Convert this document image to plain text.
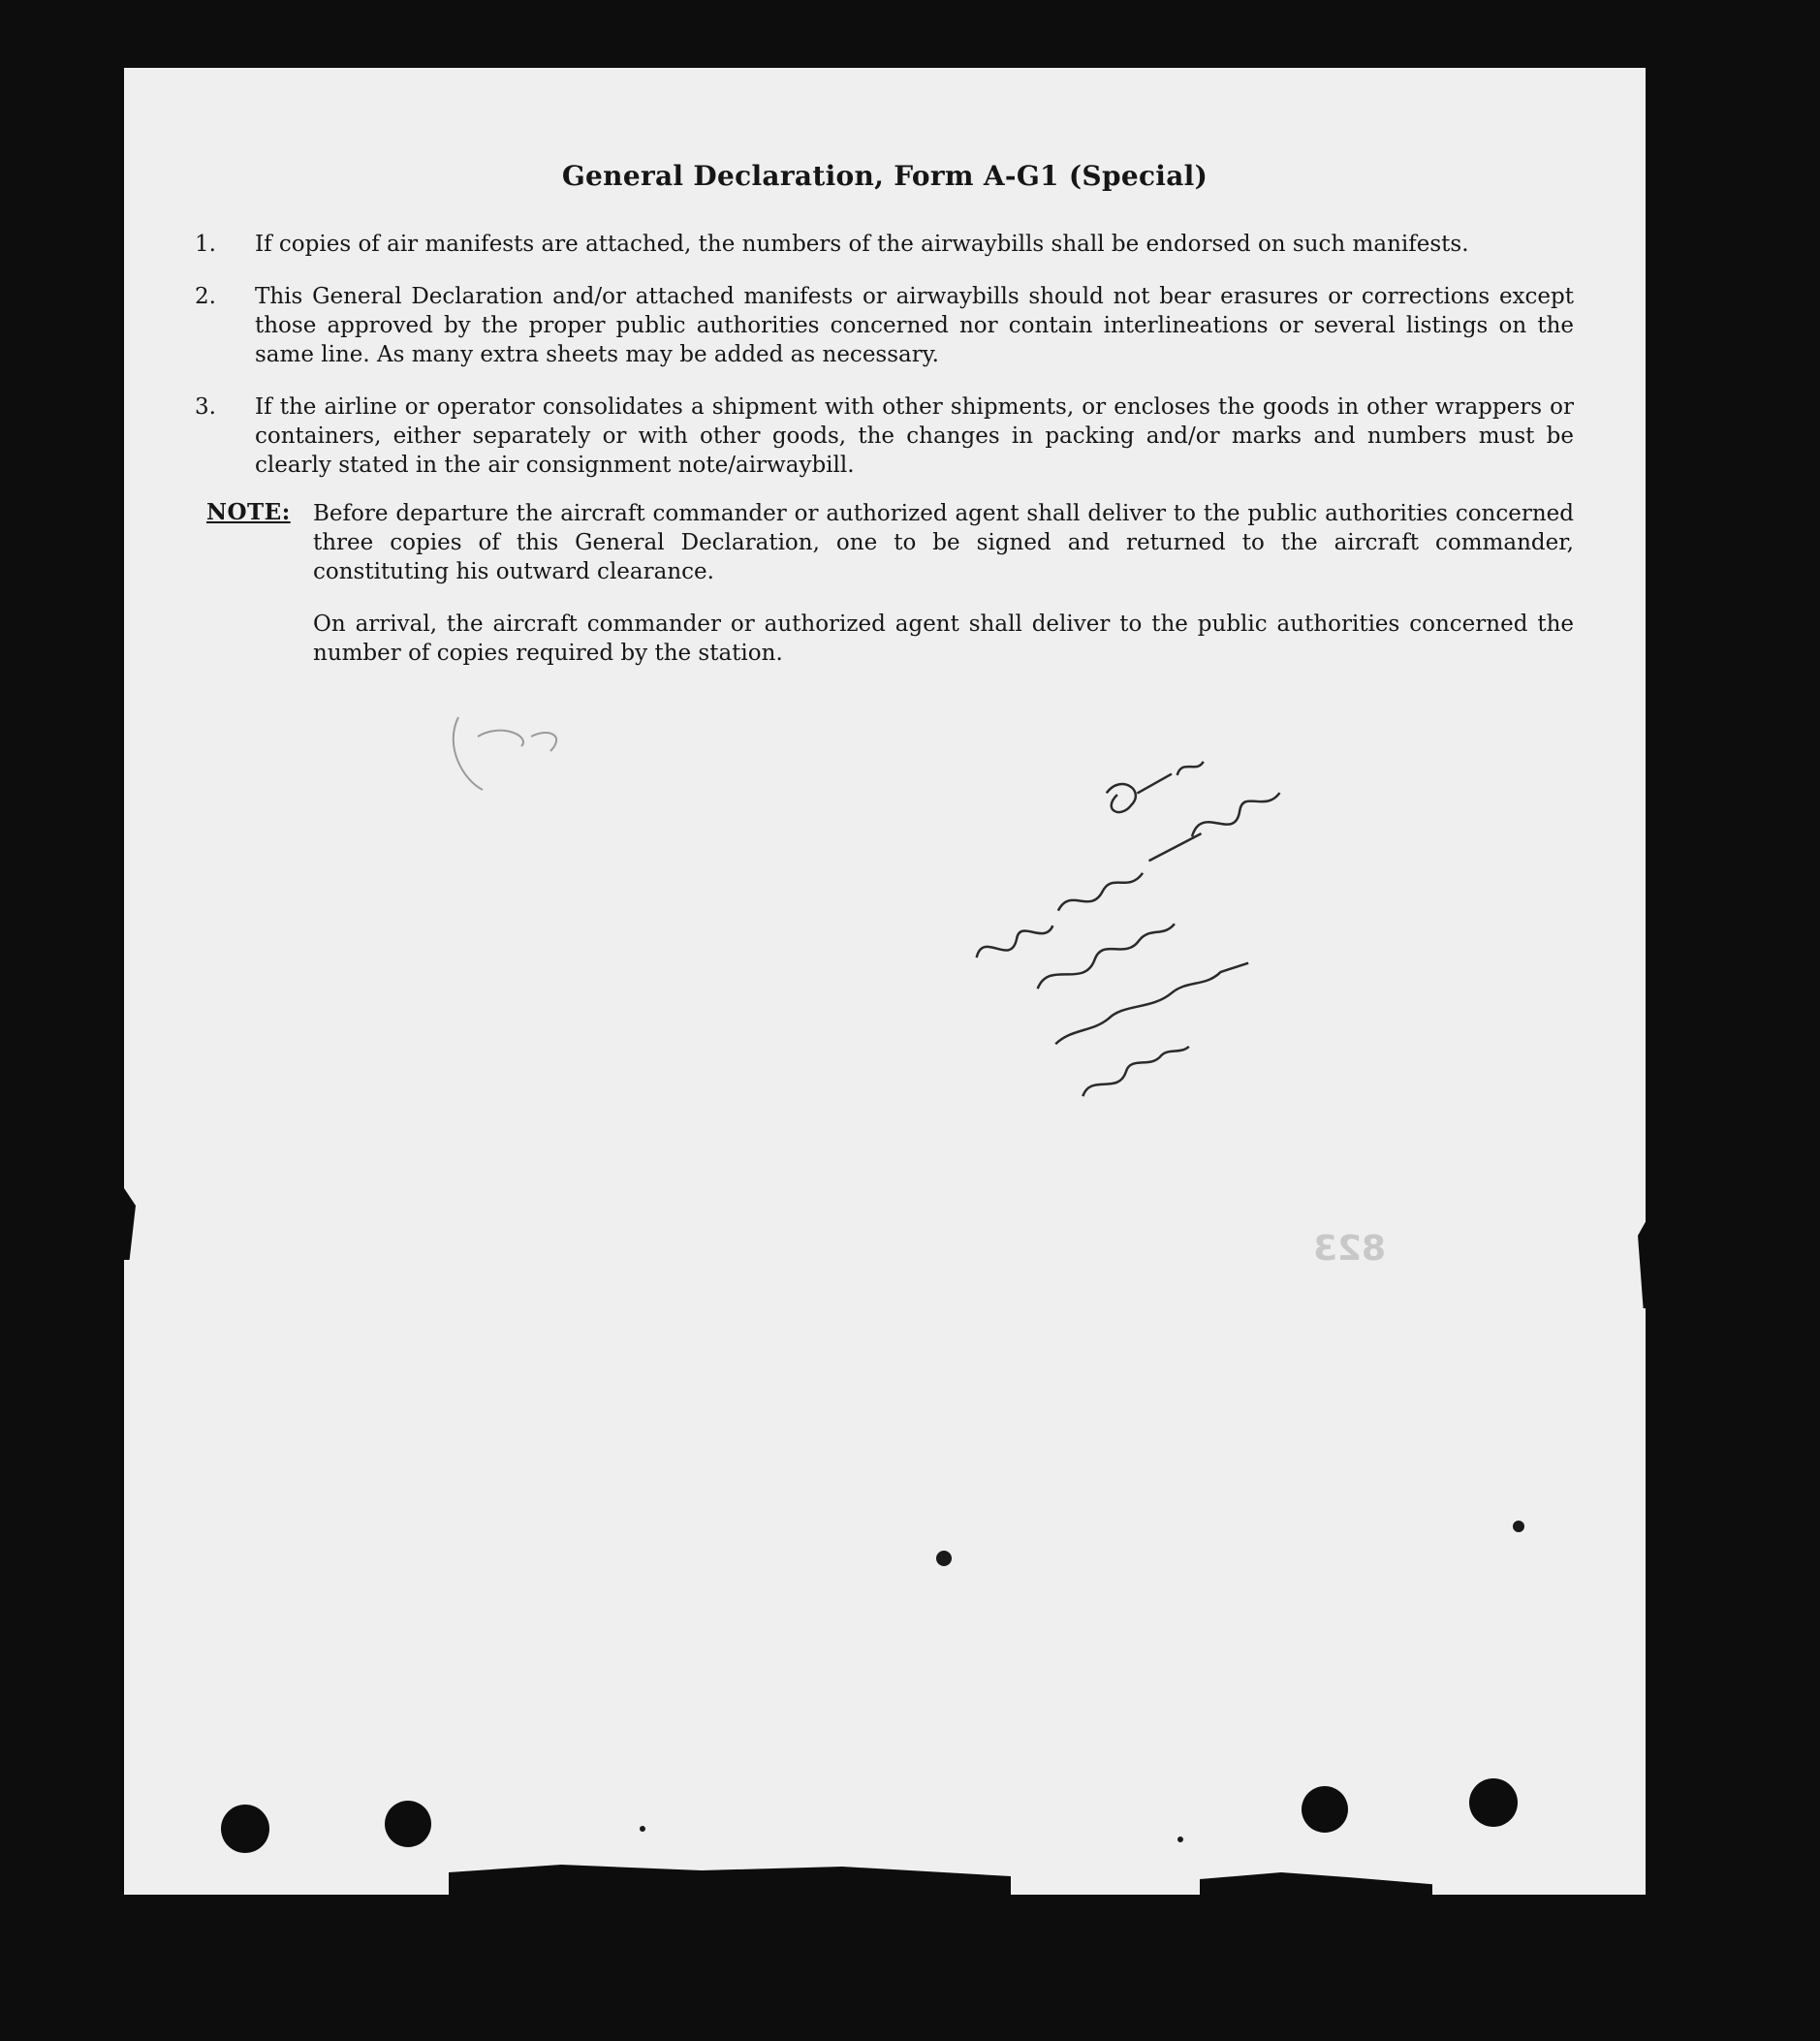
General Declaration, Form A-G1 (Special)
1. If copies of air manifests are attached, the numbers of the airwaybills shall be endorsed on such manifests.
2. This General Declaration and/or attached manifests or airwaybills should not bear erasures or corrections except those approved by the proper public authorities concerned nor contain interlineations or several listings on the same line. As many extra sheets may be added as necessary.
3. If the airline or operator consolidates a shipment with other shipments, or encloses the goods in other wrappers or containers, either separately or with other goods, the changes in packing and/or marks and numbers must be clearly stated in the air consignment note/airwaybill.
NOTE: Before departure the aircraft commander or authorized agent shall deliver to the public authorities concerned three copies of this General Declaration, one to be signed and returned to the aircraft commander, constituting his outward clearance.
On arrival, the aircraft commander or authorized agent shall deliver to the public authorities concerned the number of copies required by the station.
823
